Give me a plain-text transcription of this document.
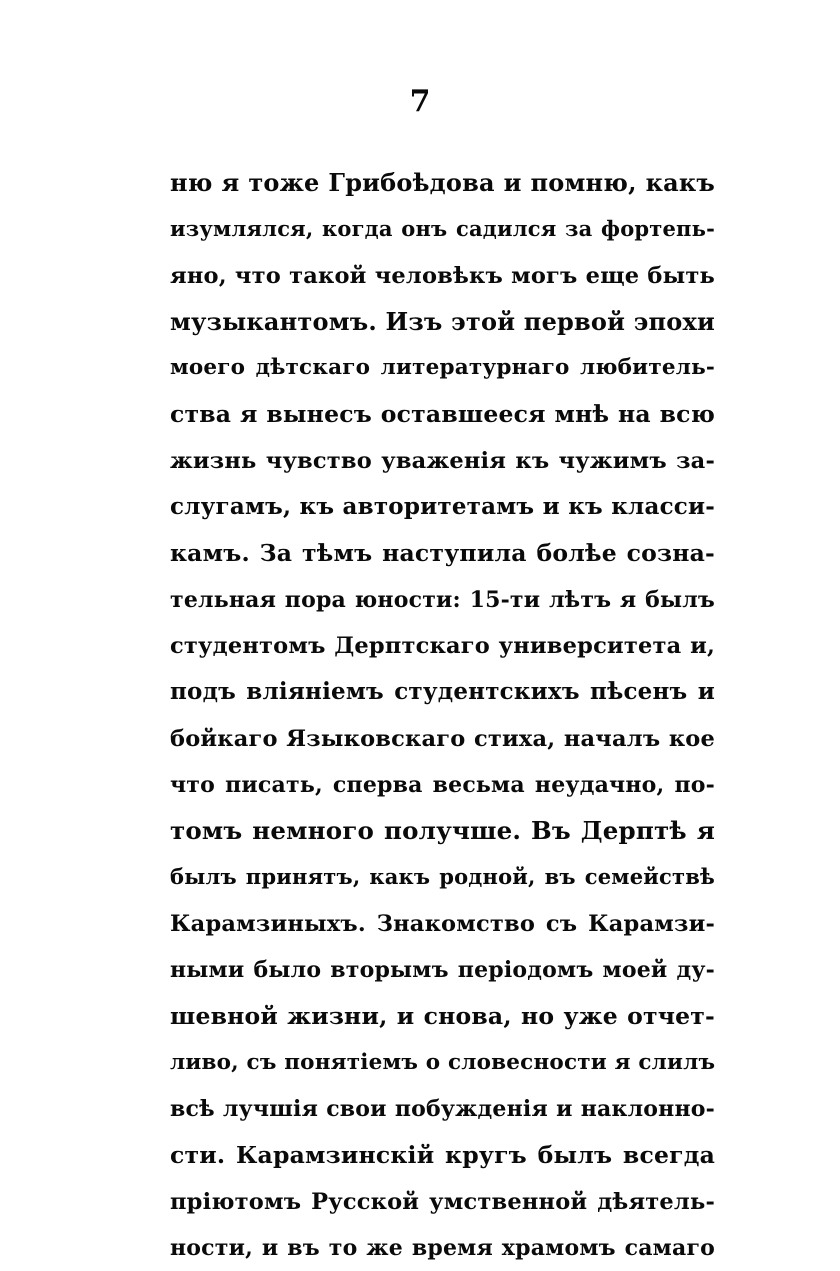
7
ню я тоже Грибоѣдова и помню, какъ
изумлялся, когда онъ садился за фортепь-
яно, что такой человѣкъ могъ еще быть
музыкантомъ. Изъ этой первой эпохи
моего дѣтскаго литературнаго любитель-
ства я вынесъ оставшееся мнѣ на всю
жизнь чувство уваженія къ чужимъ за-
слугамъ, къ авторитетамъ и къ класси-
камъ. За тѣмъ наступила болѣе созна-
тельная пора юности: 15-ти лѣтъ я былъ
студентомъ Дерптскаго университета и,
подъ вліяніемъ студентскихъ пѣсенъ и
бойкаго Языковскаго стиха, началъ кое
что писать, сперва весьма неудачно, по-
томъ немного получше. Въ Дерптѣ я
былъ принятъ, какъ родной, въ семействѣ
Карамзиныхъ. Знакомство съ Карамзи-
ными было вторымъ періодомъ моей ду-
шевной жизни, и снова, но уже отчет-
ливо, съ понятіемъ о словесности я слилъ
всѣ лучшія свои побужденія и наклонно-
сти. Карамзинскій кругъ былъ всегда
пріютомъ Русской умственной дѣятель-
ности, и въ то же время храмомъ самаго
